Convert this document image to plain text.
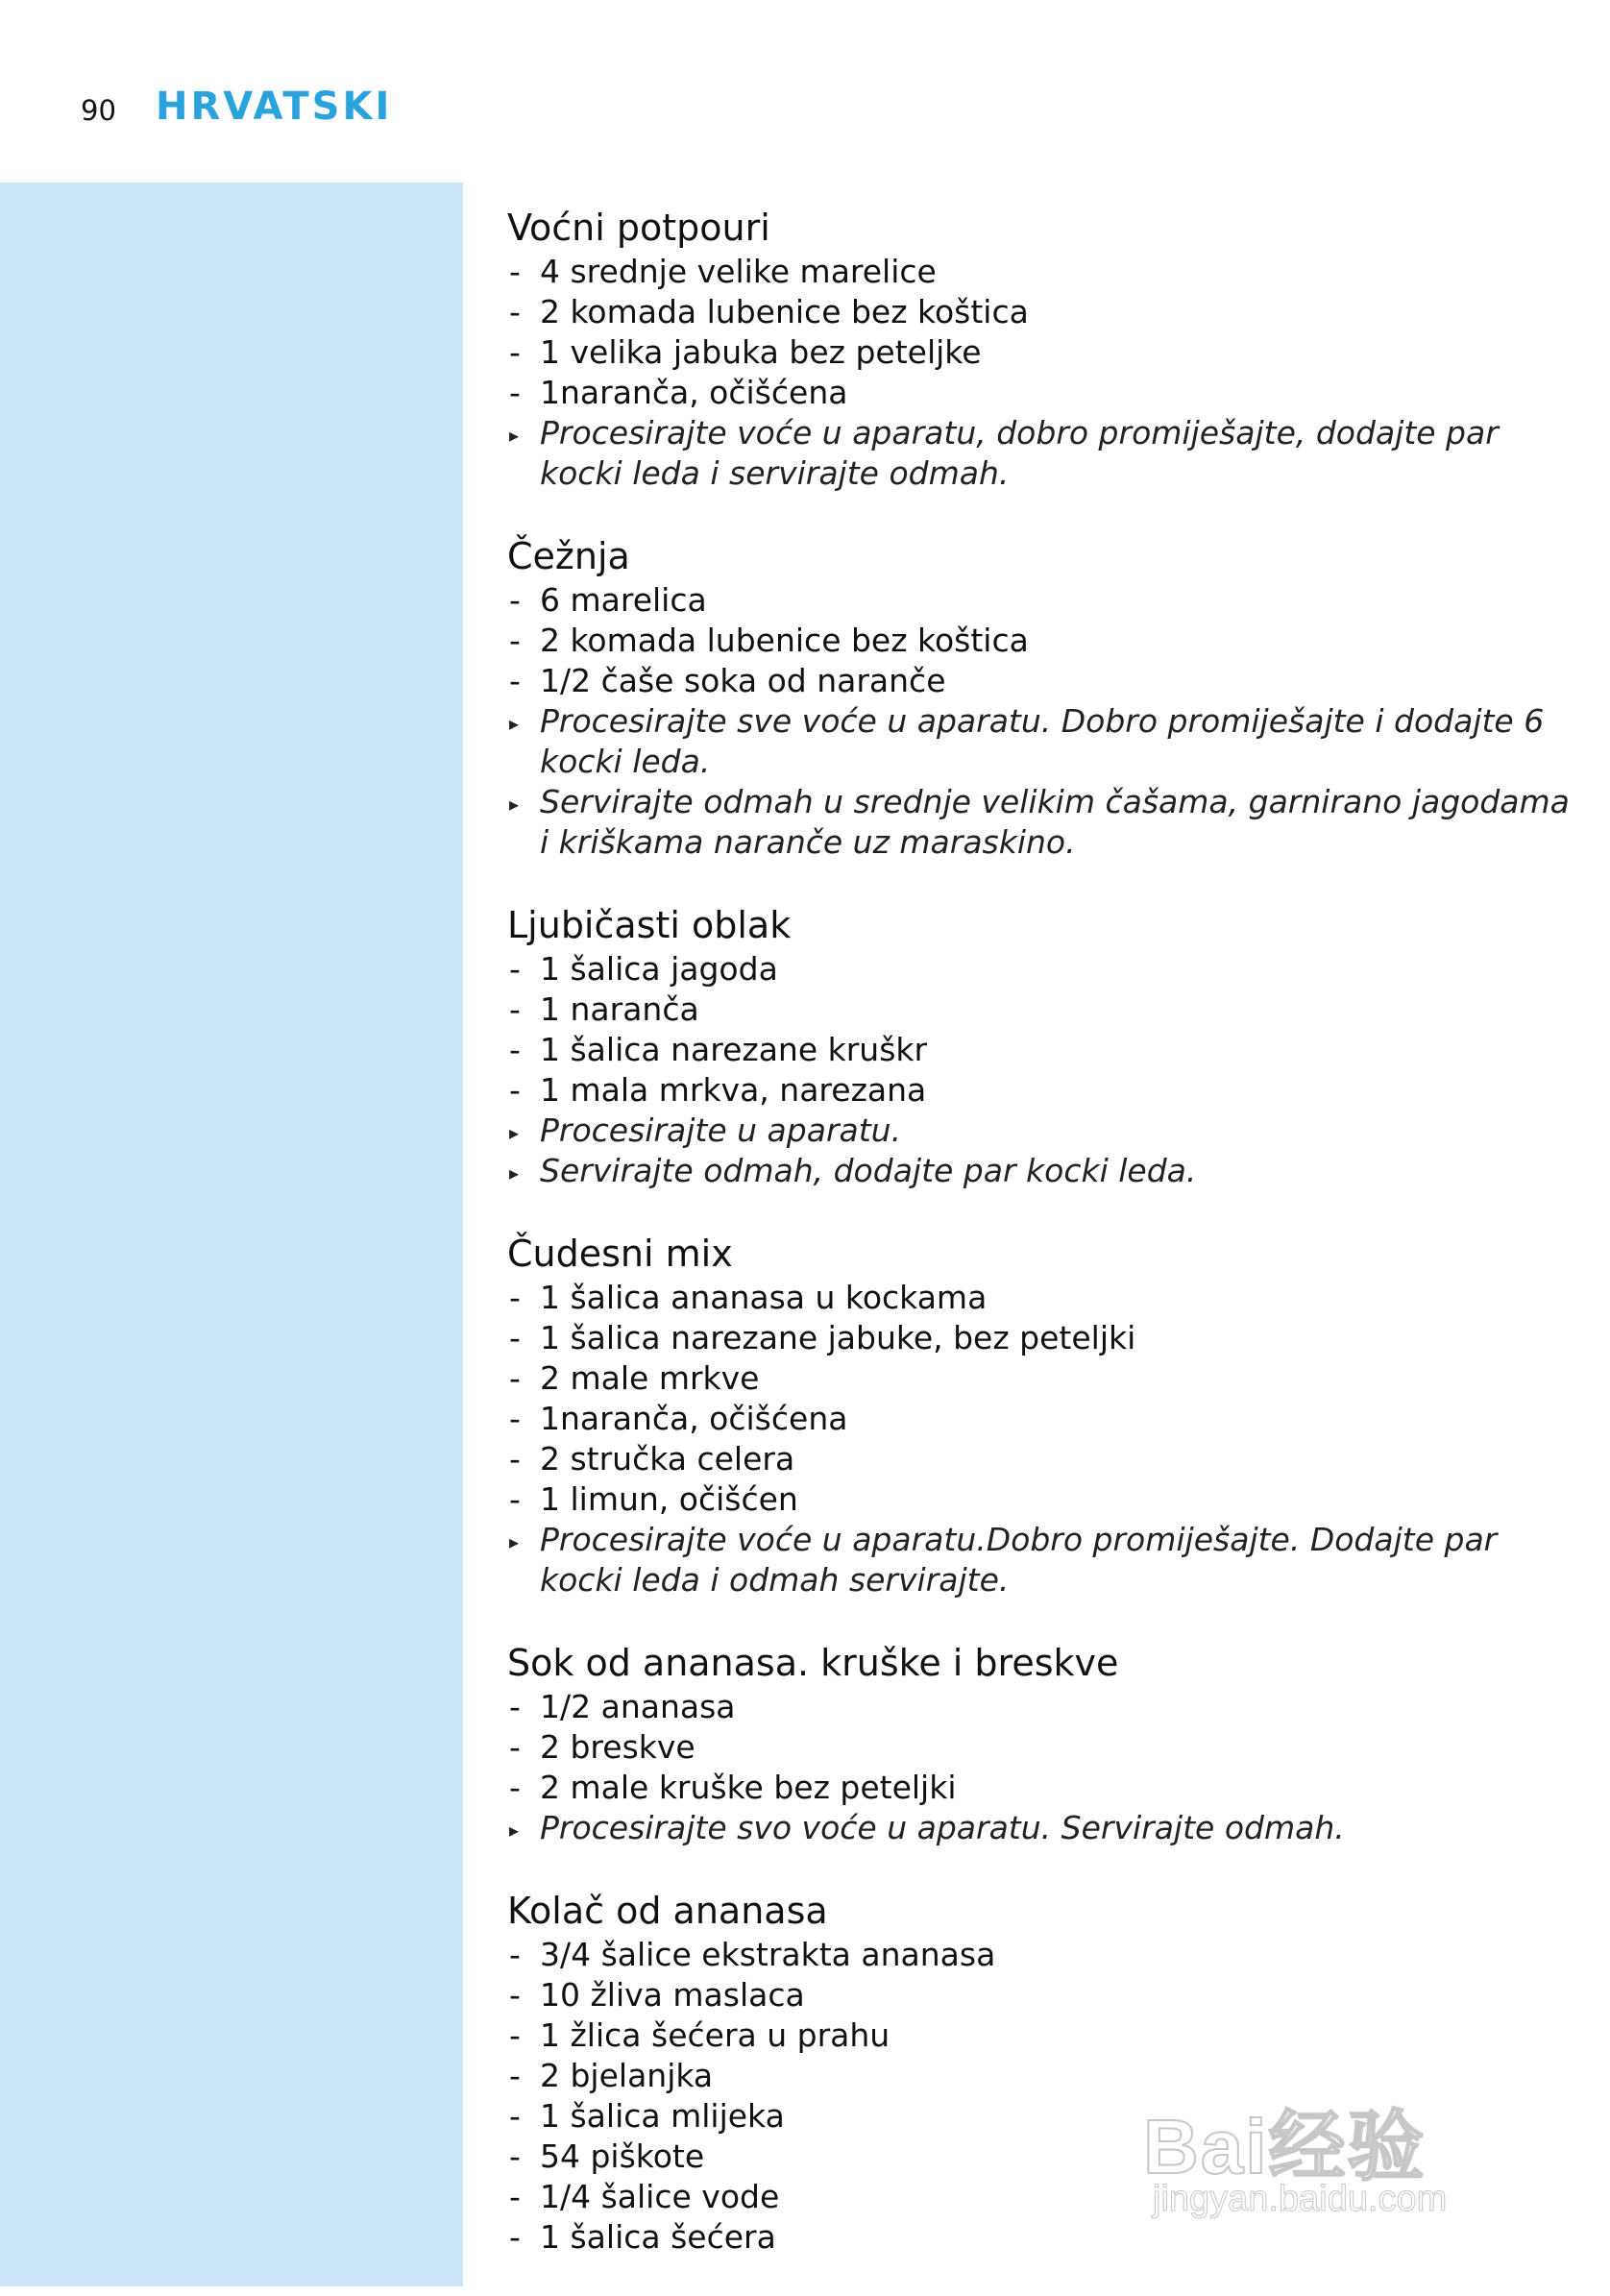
90 HRVATSKI
Voćni potpouri

- 4 srednje velike marelice

- 2 komada lubenice bez koštica

- 1 velika jabuka bez peteljke

- 1naranča, očišćena

▸ Procesirajte voće u aparatu, dobro promiješajte, dodajte par kocki leda i servirajte odmah.

Čežnja

- 6 marelica

- 2 komada lubenice bez koštica

- 1/2 čaše soka od naranče

▸ Procesirajte sve voće u aparatu. Dobro promiješajte i dodajte 6 kocki leda.

▸ Servirajte odmah u srednje velikim čašama, garnirano jagodama i kriškama naranče uz maraskino.

Ljubičasti oblak

- 1 šalica jagoda

- 1 naranča

- 1 šalica narezane kruškr

- 1 mala mrkva, narezana

▸ Procesirajte u aparatu.

▸ Servirajte odmah, dodajte par kocki leda.

Čudesni mix

- 1 šalica ananasa u kockama

- 1 šalica narezane jabuke, bez peteljki

- 2 male mrkve

- 1naranča, očišćena

- 2 stručka celera

- 1 limun, očišćen

▸ Procesirajte voće u aparatu.Dobro promiješajte. Dodajte par kocki leda i odmah servirajte.

Sok od ananasa. kruške i breskve

- 1/2 ananasa

- 2 breskve

- 2 male kruške bez peteljki

▸ Procesirajte svo voće u aparatu. Servirajte odmah.

Kolač od ananasa

- 3/4 šalice ekstrakta ananasa

- 10 žliva maslaca

- 1 žlica šećera u prahu

- 2 bjelanjka

- 1 šalica mlijeka

- 54 piškote

- 1/4 šalice vode

- 1 šalica šećera

Bai经验
jingyan.baidu.com
